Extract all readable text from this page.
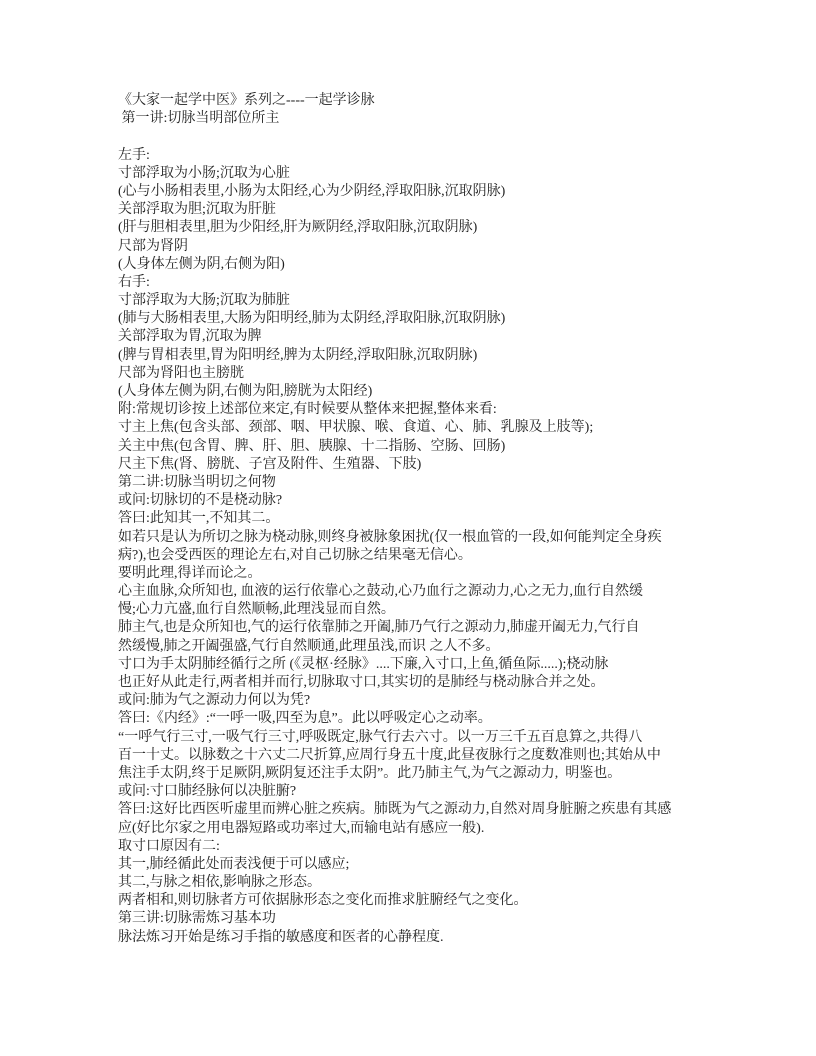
《大家一起学中医》系列之----一起学诊脉

第一讲:切脉当明部位所主

左手:

寸部浮取为小肠;沉取为心脏

(心与小肠相表里,小肠为太阳经,心为少阴经,浮取阳脉,沉取阴脉)

关部浮取为胆;沉取为肝脏

(肝与胆相表里,胆为少阳经,肝为厥阴经,浮取阳脉,沉取阴脉)

尺部为肾阴

(人身体左侧为阴,右侧为阳)

右手:

寸部浮取为大肠;沉取为肺脏

(肺与大肠相表里,大肠为阳明经,肺为太阴经,浮取阳脉,沉取阴脉)

关部浮取为胃,沉取为脾

(脾与胃相表里,胃为阳明经,脾为太阴经,浮取阳脉,沉取阴脉)

尺部为肾阳也主膀胱

(人身体左侧为阴,右侧为阳,膀胱为太阳经)

附:常规切诊按上述部位来定,有时候要从整体来把握,整体来看:

寸主上焦(包含头部、颈部、咽、甲状腺、喉、食道、心、肺、乳腺及上肢等);

关主中焦(包含胃、脾、肝、胆、胰腺、十二指肠、空肠、回肠)

尺主下焦(肾、膀胱、子宫及附件、生殖器、下肢)

第二讲:切脉当明切之何物

或问:切脉切的不是桡动脉?

答曰:此知其一,不知其二。

如若只是认为所切之脉为桡动脉,则终身被脉象困扰(仅一根血管的一段,如何能判定全身疾

病?),也会受西医的理论左右,对自己切脉之结果毫无信心。

要明此理,得详而论之。

心主血脉,众所知也, 血液的运行依靠心之鼓动,心乃血行之源动力,心之无力,血行自然缓

慢;心力亢盛,血行自然顺畅,此理浅显而自然。

肺主气,也是众所知也,气的运行依靠肺之开阖,肺乃气行之源动力,肺虚开阖无力,气行自

然缓慢,肺之开阖强盛,气行自然顺通,此理虽浅,而识 之人不多。

寸口为手太阴肺经循行之所 (《灵枢·经脉》....下廉,入寸口,上鱼,循鱼际.....);桡动脉

也正好从此走行,两者相并而行,切脉取寸口,其实切的是肺经与桡动脉合并之处。

或问:肺为气之源动力何以为凭?

答曰:《内经》:“一呼一吸,四至为息”。此以呼吸定心之动率。

“一呼气行三寸,一吸气行三寸,呼吸既定,脉气行去六寸。以一万三千五百息算之,共得八

百一十丈。以脉数之十六丈二尺折算,应周行身五十度,此昼夜脉行之度数准则也;其始从中

焦注手太阴,终于足厥阴,厥阴复还注手太阴”。此乃肺主气,为气之源动力,  明鉴也。

或问:寸口肺经脉何以决脏腑?

答曰:这好比西医听虚里而辨心脏之疾病。肺既为气之源动力,自然对周身脏腑之疾患有其感

应(好比尔家之用电器短路或功率过大,而输电站有感应一般).

取寸口原因有二:

其一,肺经循此处而表浅便于可以感应;

其二,与脉之相依,影响脉之形态。

两者相和,则切脉者方可依据脉形态之变化而推求脏腑经气之变化。

第三讲:切脉需炼习基本功

脉法炼习开始是练习手指的敏感度和医者的心静程度.
